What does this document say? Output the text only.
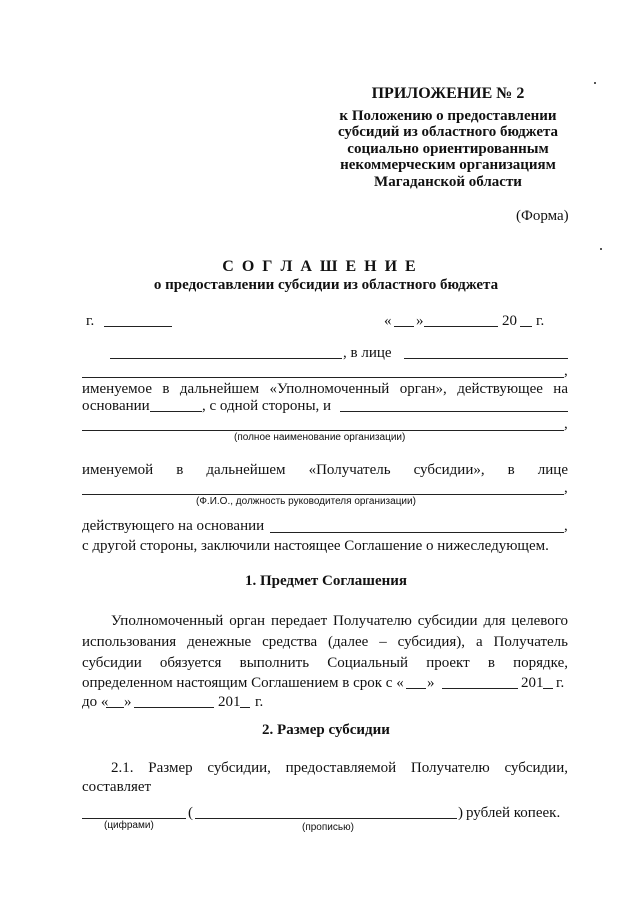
ПРИЛОЖЕНИЕ № 2
к Положению о предоставлении
субсидий из областного бюджета
социально ориентированным
некоммерческим организациям
Магаданской области
(Форма)
С О Г Л А Ш Е Н И Е
о предоставлении субсидии из областного бюджета
г.	« »	20 г.
, в лице
,
именуемое в дальнейшем «Уполномоченный орган», действующее на
основании	, с одной стороны, и
,
(полное наименование организации)
именуемой в дальнейшем «Получатель субсидии», в лице
,
(Ф.И.О., должность руководителя организации)
действующего на основании	,
с другой стороны, заключили настоящее Соглашение о нижеследующем.
1. Предмет Соглашения
Уполномоченный орган передает Получателю субсидии для целевого
использования денежные средства (далее – субсидия), а Получатель
субсидии обязуется выполнить Социальный проект в порядке,
определенном настоящим Соглашением в срок с « »	201 г.
до « »	201 г.
2. Размер субсидии
2.1. Размер субсидии, предоставляемой Получателю субсидии,
составляет
(	) рублей копеек.
(цифрами)	(прописью)
